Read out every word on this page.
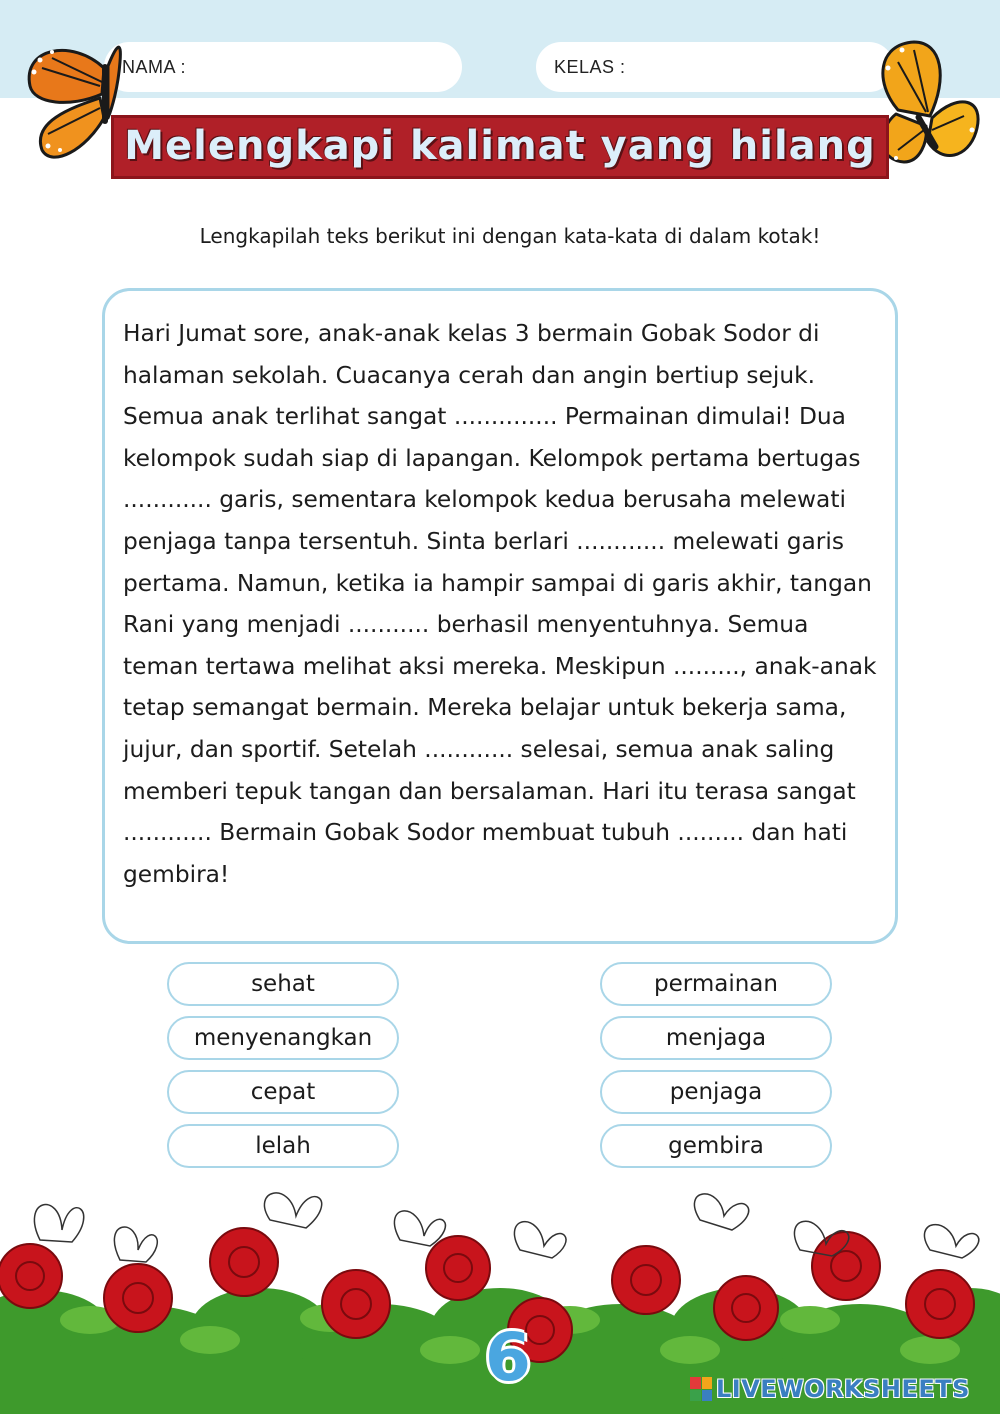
NAMA :	KELAS :
Melengkapi kalimat yang hilang
Lengkapilah teks berikut ini dengan kata-kata di dalam kotak!

Hari Jumat sore, anak-anak kelas 3 bermain Gobak Sodor di halaman sekolah. Cuacanya cerah dan angin bertiup sejuk. Semua anak terlihat sangat .............. Permainan dimulai! Dua kelompok sudah siap di lapangan. Kelompok pertama bertugas ............ garis, sementara kelompok kedua berusaha melewati penjaga tanpa tersentuh. Sinta berlari ............ melewati garis pertama. Namun, ketika ia hampir sampai di garis akhir, tangan Rani yang menjadi ........... berhasil menyentuhnya. Semua teman tertawa melihat aksi mereka. Meskipun ........., anak-anak tetap semangat bermain. Mereka belajar untuk bekerja sama, jujur, dan sportif. Setelah ............ selesai, semua anak saling memberi tepuk tangan dan bersalaman. Hari itu terasa sangat ............ Bermain Gobak Sodor membuat tubuh ......... dan hati gembira!

sehat
menyenangkan
cepat
lelah
permainan
menjaga
penjaga
gembira
6	LIVEWORKSHEETS
